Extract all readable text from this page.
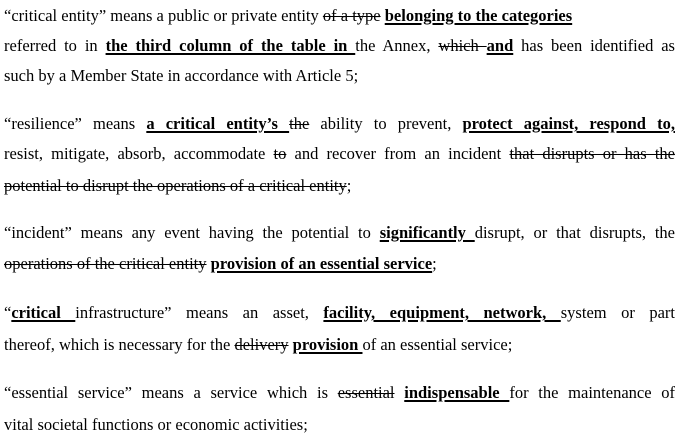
“critical entity” means a public or private entity of a type belonging to the categories
referred to in the third column of the table in the Annex, which and has been identified as
such by a Member State in accordance with Article 5;
“resilience” means a critical entity’s the ability to prevent, protect against, respond to,
resist, mitigate, absorb, accommodate to and recover from an incident that disrupts or has the
potential to disrupt the operations of a critical entity;
“incident” means any event having the potential to significantly disrupt, or that disrupts, the
operations of the critical entity provision of an essential service;
“critical infrastructure” means an asset, facility, equipment, network, system or part
thereof, which is necessary for the delivery provision of an essential service;
“essential service” means a service which is essential indispensable for the maintenance of
vital societal functions or economic activities;
